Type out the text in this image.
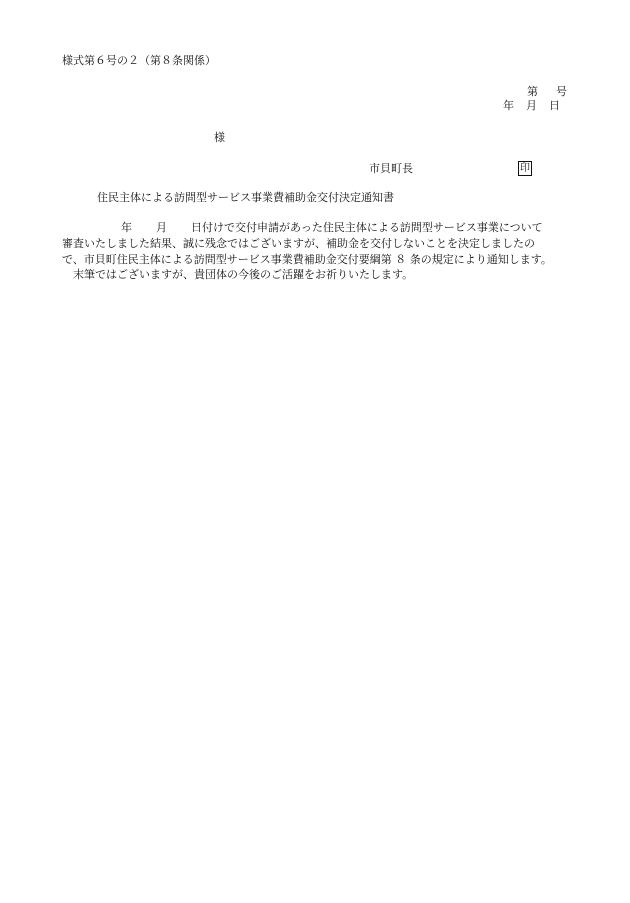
様式第６号の２（第８条関係）
第 号
年 月 日
様
市貝町長	印
住民主体による訪問型サービス事業費補助金交付決定通知書
年 月 日付けで交付申請があった住民主体による訪問型サービス事業について
審査いたしました結果、誠に残念ではございますが、補助金を交付しないことを決定しましたの
で、市貝町住民主体による訪問型サービス事業費補助金交付要綱第 ８ 条の規定により通知します。
　末筆ではございますが、貴団体の今後のご活躍をお祈りいたします。
